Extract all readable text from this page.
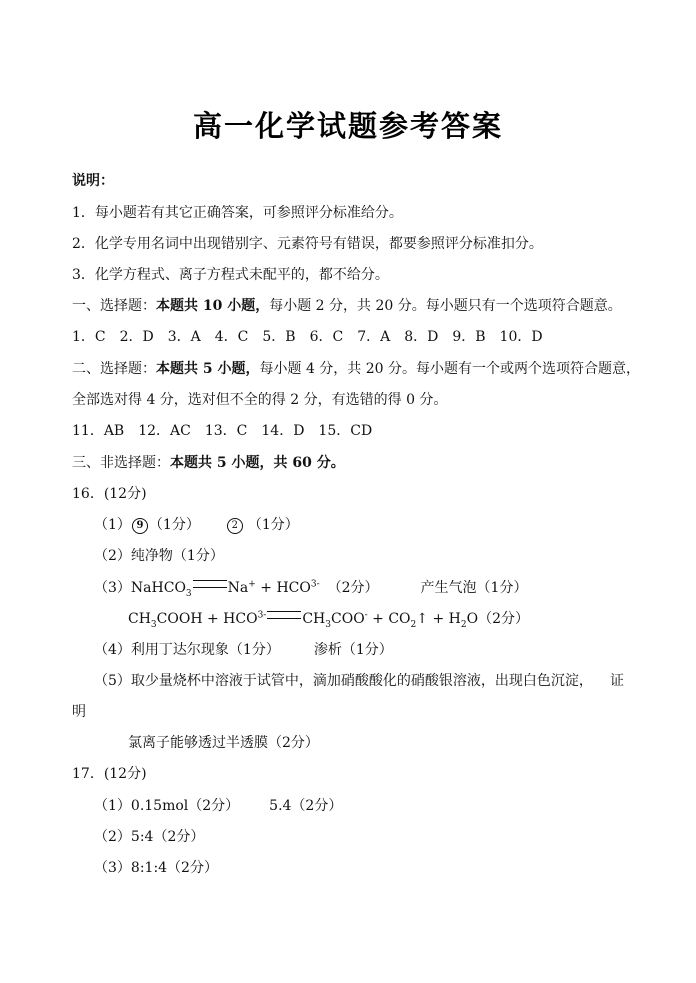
高一化学试题参考答案
说明：
1．每小题若有其它正确答案，可参照评分标准给分。
2．化学专用名词中出现错别字、元素符号有错误，都要参照评分标准扣分。
3．化学方程式、离子方程式未配平的，都不给分。
一、选择题：本题共 10 小题，每小题 2 分，共 20 分。每小题只有一个选项符合题意。
1．C　2．D　3．A　4．C　5．B　6．C　7．A　8．D　9．B　10．D
二、选择题：本题共 5 小题，每小题 4 分，共 20 分。每小题有一个或两个选项符合题意，
全部选对得 4 分，选对但不全的得 2 分，有选错的得 0 分。
11．AB　12．AC　13．C　14．D　15．CD
三、非选择题：本题共 5 小题，共 60 分。
16．(12分)
（1） 9 （1分）	2 （1分）
（2）纯净物（1分）
（3）NaHCO$_3$	$Na^+ + HCO^{3-}$ （2分）	产生气泡（1分）
$CH_3COOH + HCO^{3-}$	$CH_3COO^-$ + $CO_2↑ + H_2O(2$分）
（4）利用丁达尔现象（1分） 渗析（1分）
（5）取少量烧杯中溶液于试管中，滴加硝酸酸化的硝酸银溶液，出现白色沉淀， 证
明
氯离子能够透过半透膜（2分）
17．(12分)
（1）0.15mol（2分） 5.4（2分）
（2）5:4（2分）
（3）8:1:4（2分）
